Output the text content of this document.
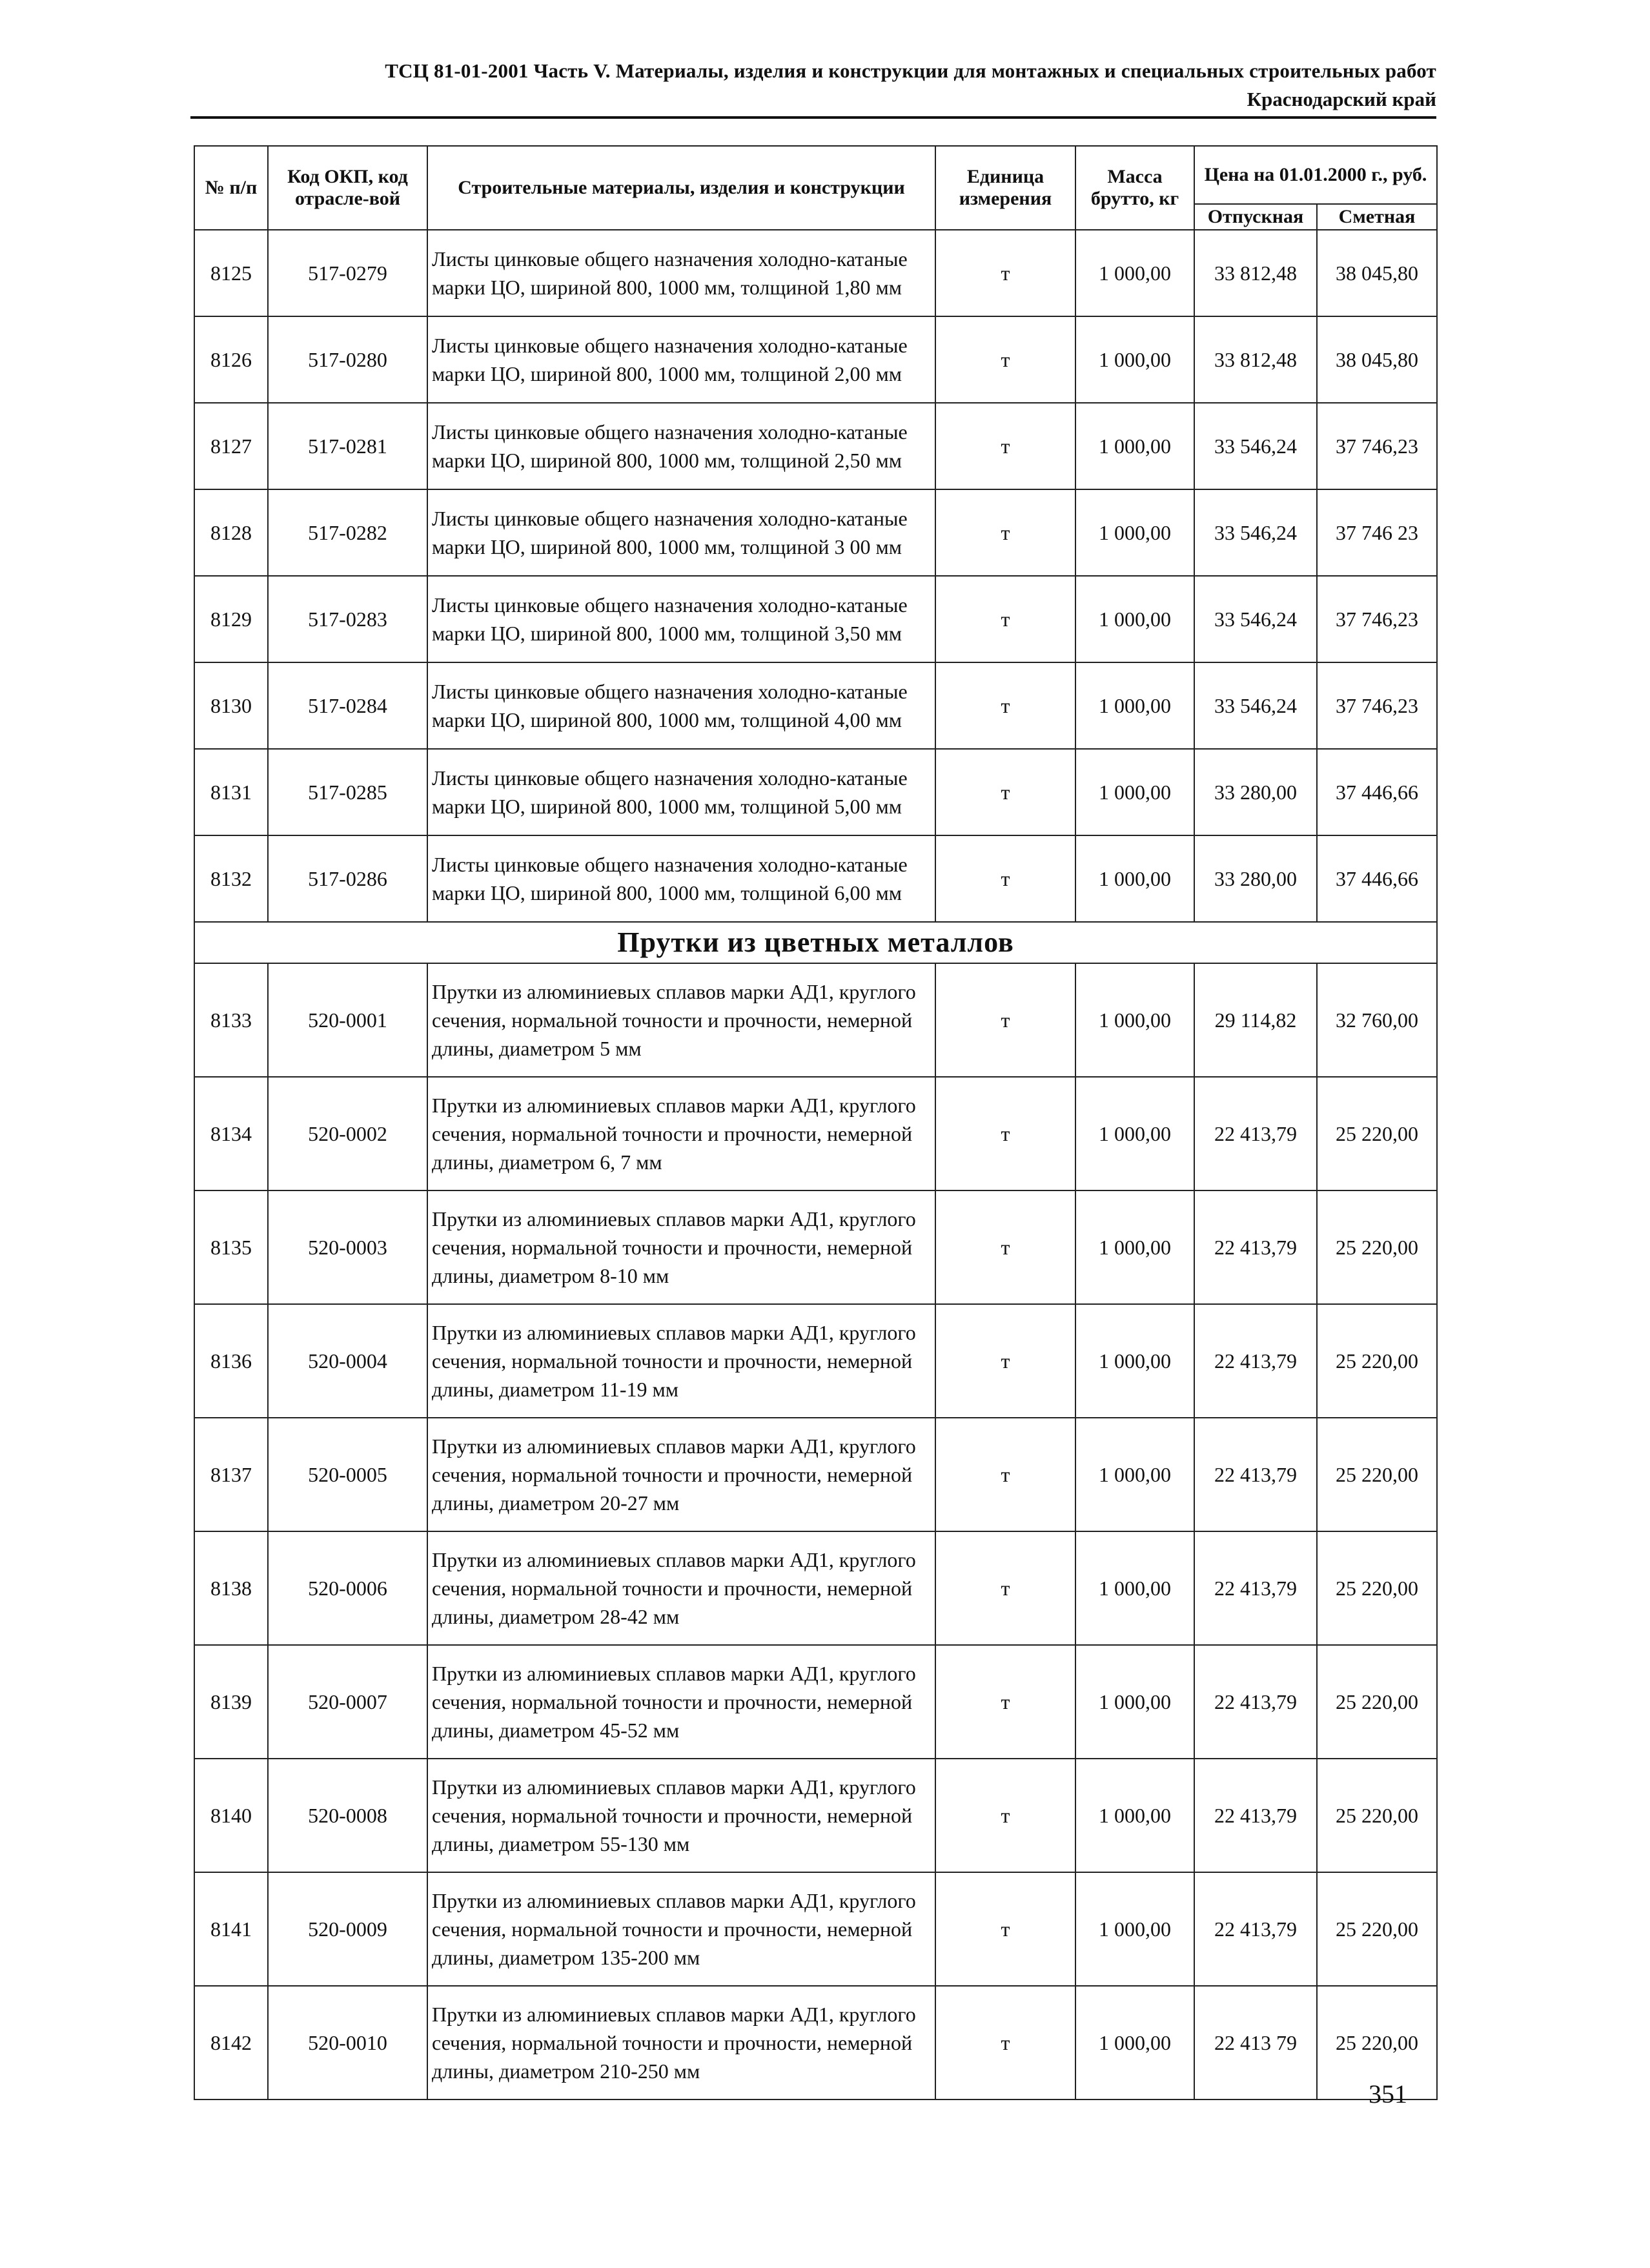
ТСЦ 81-01-2001 Часть V. Материалы, изделия и конструкции для монтажных и специальных строительных работ
Краснодарский край
№ п/п	Код ОКП, код отрасле-вой	Строительные материалы, изделия и конструкции	Единица измерения	Масса брутто, кг	Цена на 01.01.2000 г., руб.	
					Отпускная	Сметная
8125	517-0279	Листы цинковые общего назначения холодно-катаные марки ЦО, шириной 800, 1000 мм, толщиной 1,80 мм	т	1 000,00	33 812,48	38 045,80
8126	517-0280	Листы цинковые общего назначения холодно-катаные марки ЦО, шириной 800, 1000 мм, толщиной 2,00 мм	т	1 000,00	33 812,48	38 045,80
8127	517-0281	Листы цинковые общего назначения холодно-катаные марки ЦО, шириной 800, 1000 мм, толщиной 2,50 мм	т	1 000,00	33 546,24	37 746,23
8128	517-0282	Листы цинковые общего назначения холодно-катаные марки ЦО, шириной 800, 1000 мм, толщиной 3 00 мм	т	1 000,00	33 546,24	37 746 23
8129	517-0283	Листы цинковые общего назначения холодно-катаные марки ЦО, шириной 800, 1000 мм, толщиной 3,50 мм	т	1 000,00	33 546,24	37 746,23
8130	517-0284	Листы цинковые общего назначения холодно-катаные марки ЦО, шириной 800, 1000 мм, толщиной 4,00 мм	т	1 000,00	33 546,24	37 746,23
8131	517-0285	Листы цинковые общего назначения холодно-катаные марки ЦО, шириной 800, 1000 мм, толщиной 5,00 мм	т	1 000,00	33 280,00	37 446,66
8132	517-0286	Листы цинковые общего назначения холодно-катаные марки ЦО, шириной 800, 1000 мм, толщиной 6,00 мм	т	1 000,00	33 280,00	37 446,66
Прутки из цветных металлов						
8133	520-0001	Прутки из алюминиевых сплавов марки АД1, круглого сечения, нормальной точности и прочности, немерной длины, диаметром 5 мм	т	1 000,00	29 114,82	32 760,00
8134	520-0002	Прутки из алюминиевых сплавов марки АД1, круглого сечения, нормальной точности и прочности, немерной длины, диаметром 6, 7 мм	т	1 000,00	22 413,79	25 220,00
8135	520-0003	Прутки из алюминиевых сплавов марки АД1, круглого сечения, нормальной точности и прочности, немерной длины, диаметром 8-10 мм	т	1 000,00	22 413,79	25 220,00
8136	520-0004	Прутки из алюминиевых сплавов марки АД1, круглого сечения, нормальной точности и прочности, немерной длины, диаметром 11-19 мм	т	1 000,00	22 413,79	25 220,00
8137	520-0005	Прутки из алюминиевых сплавов марки АД1, круглого сечения, нормальной точности и прочности, немерной длины, диаметром 20-27 мм	т	1 000,00	22 413,79	25 220,00
8138	520-0006	Прутки из алюминиевых сплавов марки АД1, круглого сечения, нормальной точности и прочности, немерной длины, диаметром 28-42 мм	т	1 000,00	22 413,79	25 220,00
8139	520-0007	Прутки из алюминиевых сплавов марки АД1, круглого сечения, нормальной точности и прочности, немерной длины, диаметром 45-52 мм	т	1 000,00	22 413,79	25 220,00
8140	520-0008	Прутки из алюминиевых сплавов марки АД1, круглого сечения, нормальной точности и прочности, немерной длины, диаметром 55-130 мм	т	1 000,00	22 413,79	25 220,00
8141	520-0009	Прутки из алюминиевых сплавов марки АД1, круглого сечения, нормальной точности и прочности, немерной длины, диаметром 135-200 мм	т	1 000,00	22 413,79	25 220,00
8142	520-0010	Прутки из алюминиевых сплавов марки АД1, круглого сечения, нормальной точности и прочности, немерной длины, диаметром 210-250 мм	т	1 000,00	22 413 79	25 220,00
351
